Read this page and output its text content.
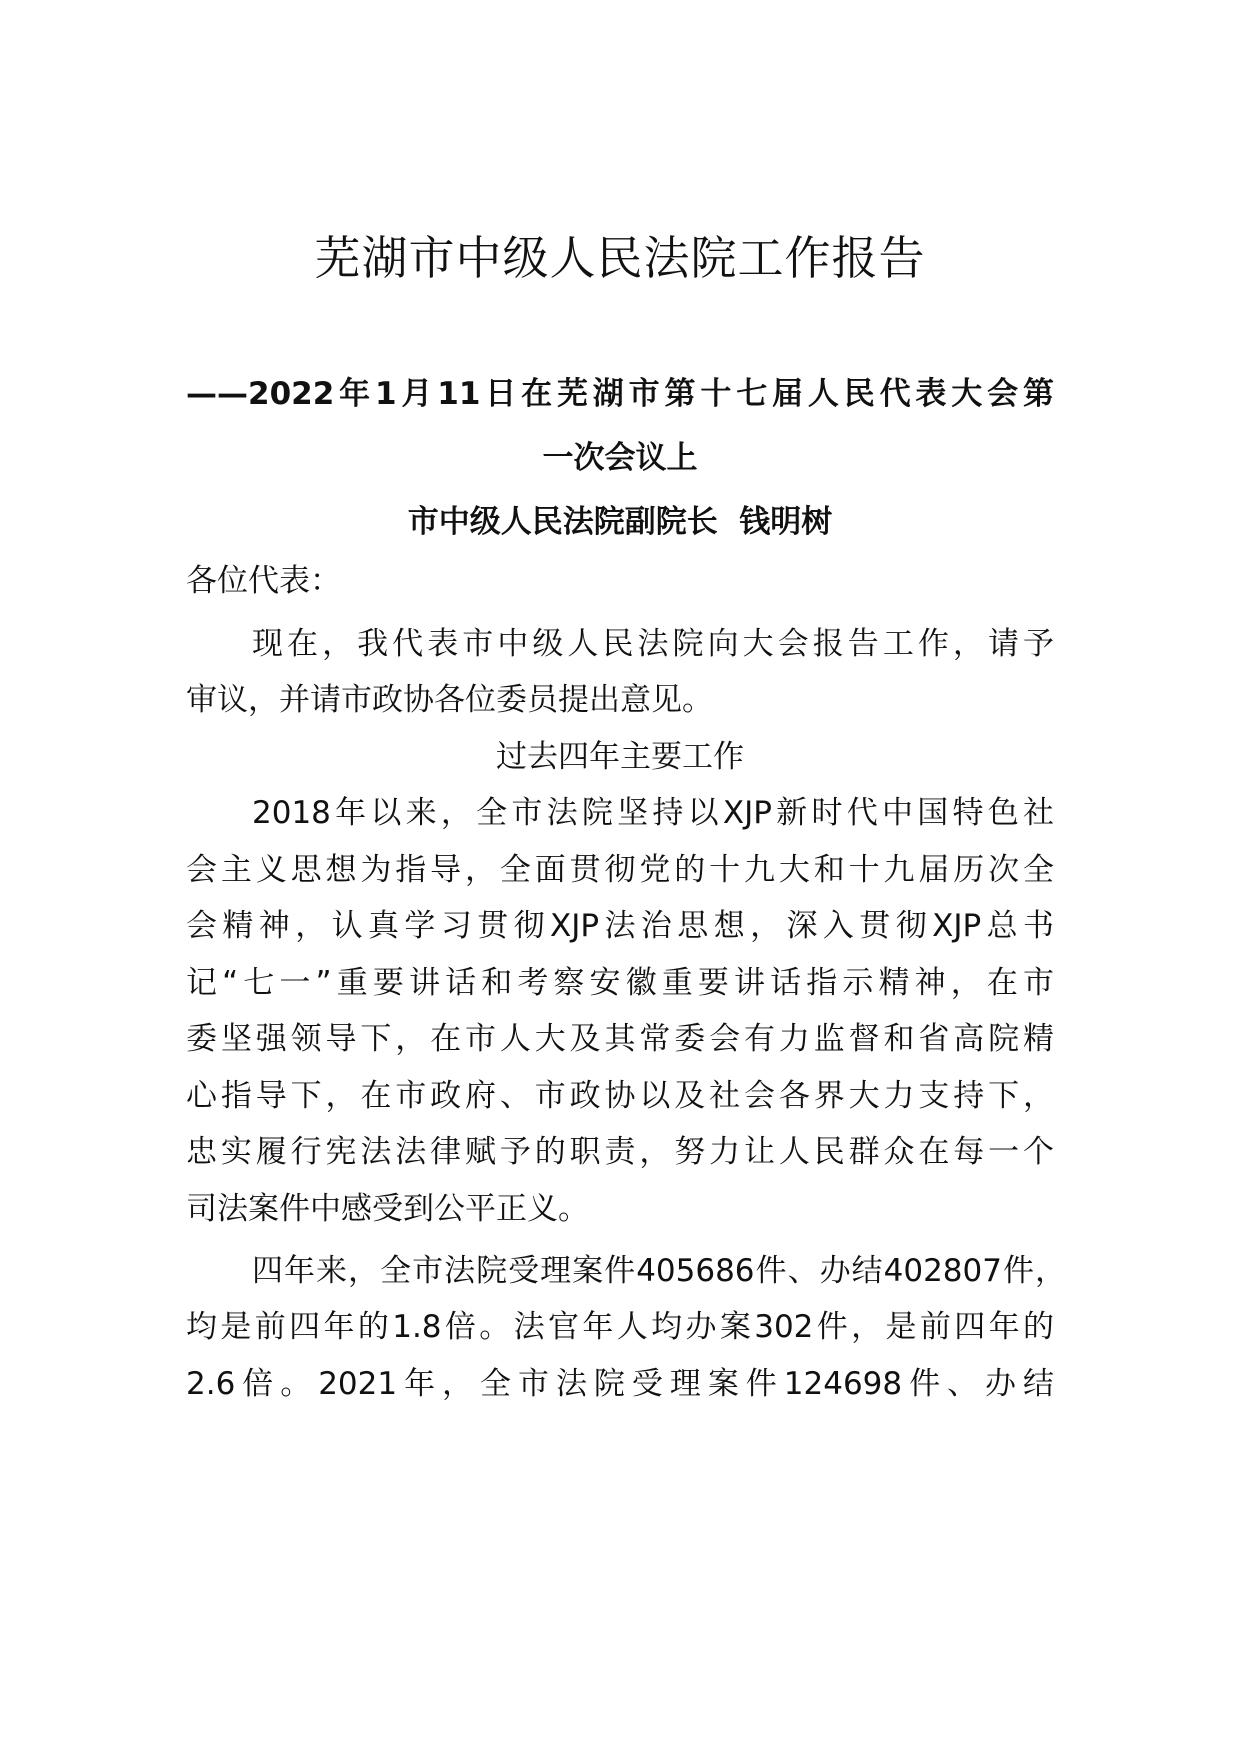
芜湖市中级人民法院工作报告
——2022年1月11日在芜湖市第十七届人民代表大会第
一次会议上
市中级人民法院副院长  钱明树
各位代表：
现在，我代表市中级人民法院向大会报告工作，请予
审议，并请市政协各位委员提出意见。
过去四年主要工作
2018年以来，全市法院坚持以XJP新时代中国特色社
会主义思想为指导，全面贯彻党的十九大和十九届历次全
会精神，认真学习贯彻XJP法治思想，深入贯彻XJP总书
记“七一”重要讲话和考察安徽重要讲话指示精神，在市
委坚强领导下，在市人大及其常委会有力监督和省高院精
心指导下，在市政府、市政协以及社会各界大力支持下，
忠实履行宪法法律赋予的职责，努力让人民群众在每一个
司法案件中感受到公平正义。
四年来，全市法院受理案件405686件、办结402807件，
均是前四年的1.8倍。法官年人均办案302件，是前四年的
2.6倍。2021年，全市法院受理案件124698件、办结
